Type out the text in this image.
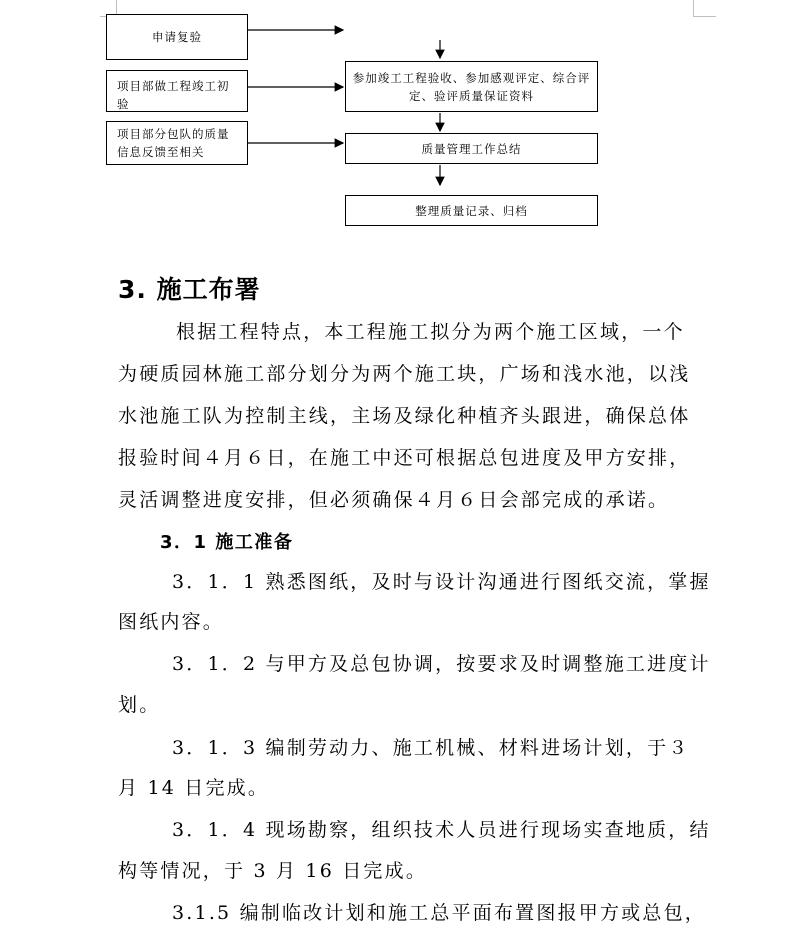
申请复验
项目部做工程竣工初验
项目部分包队的质量信息反馈至相关
参加竣工工程验收、参加感观评定、综合评定、验评质量保证资料
质量管理工作总结
整理质量记录、归档
3. 施工布署
根据工程特点，本工程施工拟分为两个施工区域，一个
为硬质园林施工部分划分为两个施工块，广场和浅水池，以浅
水池施工队为控制主线，主场及绿化种植齐头跟进，确保总体
报验时间４月６日，在施工中还可根据总包进度及甲方安排，
灵活调整进度安排，但必须确保４月６日会部完成的承诺。
3．1 施工准备
3．1．1 熟悉图纸，及时与设计沟通进行图纸交流，掌握
图纸内容。
3．1．2 与甲方及总包协调，按要求及时调整施工进度计
划。
3．1．3 编制劳动力、施工机械、材料进场计划，于３
月 14 日完成。
3．1．4 现场勘察，组织技术人员进行现场实查地质，结
构等情况，于 3 月 16 日完成。
3.1.5 编制临改计划和施工总平面布置图报甲方或总包，
